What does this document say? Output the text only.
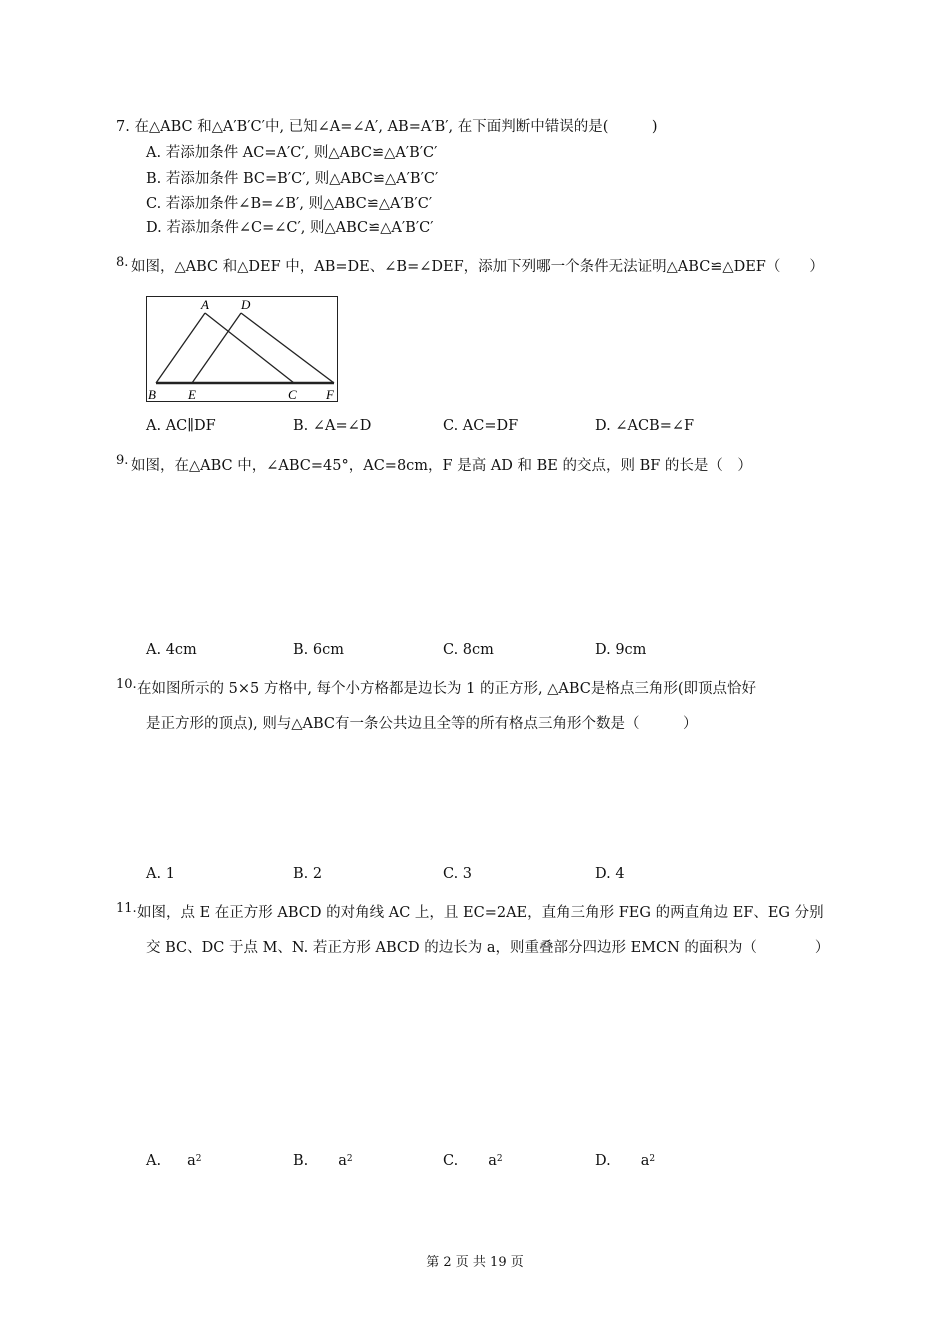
7. 在△ABC 和△A′B′C′中, 已知∠A=∠A′, AB=A′B′, 在下面判断中错误的是(　　　)
A. 若添加条件 AC=A′C′, 则△ABC≌△A′B′C′
B. 若添加条件 BC=B′C′, 则△ABC≌△A′B′C′
C. 若添加条件∠B=∠B′, 则△ABC≌△A′B′C′
D. 若添加条件∠C=∠C′, 则△ABC≌△A′B′C′
8. 如图，△ABC 和△DEF 中，AB=DE、∠B=∠DEF，添加下列哪一个条件无法证明△ABC≌△DEF（　　）
A D
B E	C F
A. AC∥DF	B. ∠A=∠D	C. AC=DF	D. ∠ACB=∠F
9. 如图，在△ABC 中，∠ABC=45°，AC=8cm，F 是高 AD 和 BE 的交点，则 BF 的长是（　）
A. 4cm	B. 6cm	C. 8cm	D. 9cm
10. 在如图所示的 5×5 方格中, 每个小方格都是边长为 1 的正方形, △ABC是格点三角形(即顶点恰好
是正方形的顶点), 则与△ABC有一条公共边且全等的所有格点三角形个数是（　　　）
A. 1	B. 2	C. 3	D. 4
11. 如图，点 E 在正方形 ABCD 的对角线 AC 上，且 EC=2AE，直角三角形 FEG 的两直角边 EF、EG 分别
交 BC、DC 于点 M、N. 若正方形 ABCD 的边长为 a，则重叠部分四边形 EMCN 的面积为（　　　　）
A. $a^2$	B. $a^2$	C. $a^2$	D. $a^2$
第 2 页 共 19 页
